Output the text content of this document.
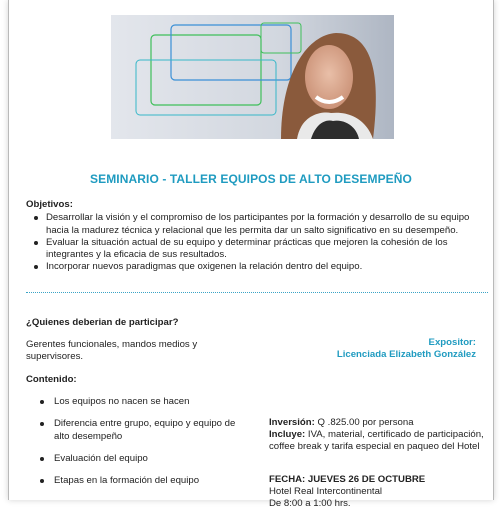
SEMINARIO - TALLER EQUIPOS DE ALTO DESEMPEÑO
Objetivos:
Desarrollar la visión y el compromiso de los participantes por la formación y desarrollo de su equipo hacia la madurez técnica y relacional que les permita dar un salto significativo en su desempeño.
Evaluar la situación actual de su equipo y determinar prácticas que mejoren la cohesión de los integrantes y la eficacia de sus resultados.
Incorporar nuevos paradigmas que oxigenen la relación dentro del equipo.
¿Quienes deberian de participar?
Gerentes funcionales, mandos medios y supervisores.
Contenido:
Los equipos no nacen se hacen
Diferencia entre grupo, equipo y equipo de alto desempeño
Evaluación del equipo
Etapas en la formación del equipo
Expositor:
Licenciada Elizabeth González
Inversión: Q .825.00 por persona
Incluye: IVA, material, certificado de participación, coffee break y tarifa especial en paqueo del Hotel
FECHA: JUEVES 26 DE OCTUBRE
Hotel Real Intercontinental
De 8:00 a 1:00 hrs.
